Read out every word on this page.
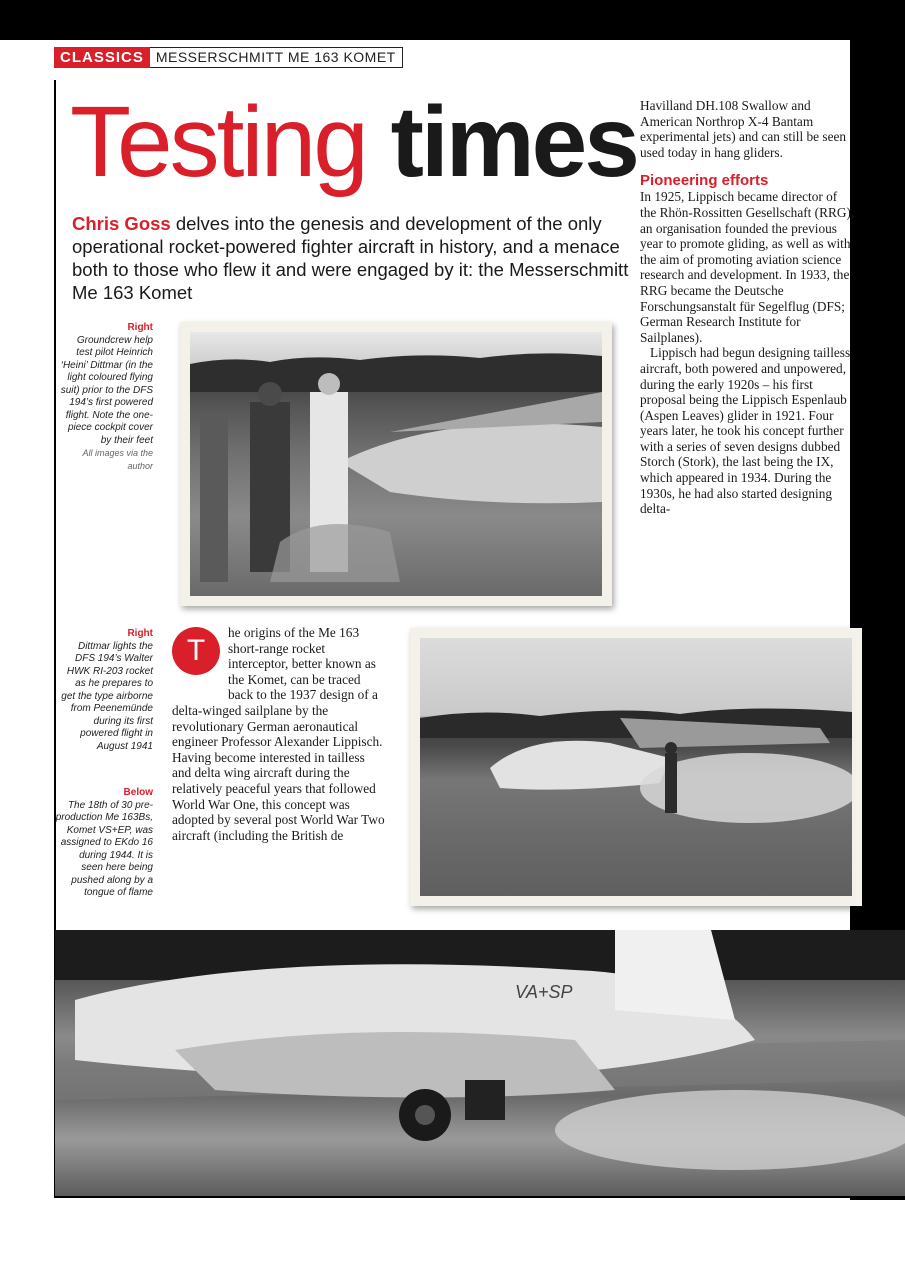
CLASSICS MESSERSCHMITT ME 163 KOMET
Testing times
Chris Goss delves into the genesis and development of the only operational rocket-powered fighter aircraft in history, and a menace both to those who flew it and were engaged by it: the Messerschmitt Me 163 Komet
Right
Groundcrew help test pilot Heinrich ‘Heini’ Dittmar (in the light coloured flying suit) prior to the DFS 194’s first powered flight. Note the one-piece cockpit cover by their feet
All images via the author

Havilland DH.108 Swallow and American Northrop X-4 Bantam experimental jets) and can still be seen used today in hang gliders.

Pioneering efforts

In 1925, Lippisch became director of the Rhön-Rossitten Gesellschaft (RRG), an organisation founded the previous year to promote gliding, as well as with the aim of promoting aviation science research and development. In 1933, the RRG became the Deutsche Forschungsanstalt für Segelflug (DFS; German Research Institute for Sailplanes).

Lippisch had begun designing tailless aircraft, both powered and unpowered, during the early 1920s – his first proposal being the Lippisch Espenlaub (Aspen Leaves) glider in 1921. Four years later, he took his concept further with a series of seven designs dubbed Storch (Stork), the last being the IX, which appeared in 1934. During the 1930s, he had also started designing delta-

Right
Dittmar lights the DFS 194’s Walter HWK RI-203 rocket as he prepares to get the type airborne from Peenemünde during its first powered flight in August 1941
Below
The 18th of 30 pre-production Me 163Bs, Komet VS+EP, was assigned to EKdo 16 during 1944. It is seen here being pushed along by a tongue of flame
T

he origins of the Me 163 short-range rocket interceptor, better known as the Komet, can be traced back to the 1937 design of a delta-winged sailplane by the revolutionary German aeronautical engineer Professor Alexander Lippisch. Having become interested in tailless and delta wing aircraft during the relatively peaceful years that followed World War One, this concept was adopted by several post World War Two aircraft (including the British de

VA+SP
52 / FLYPAST / September 2024
